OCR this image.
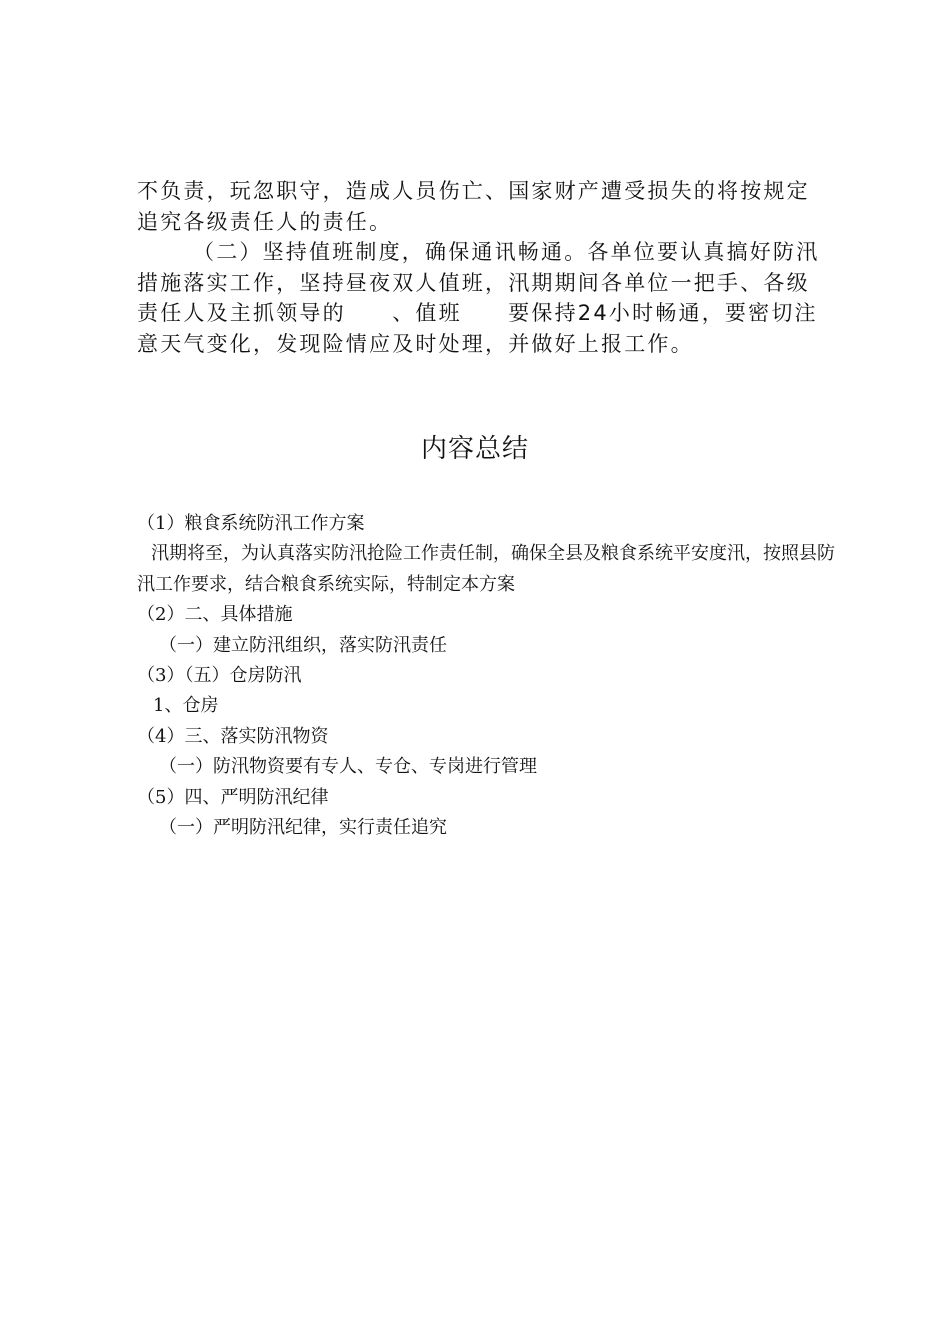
不负责，玩忽职守，造成人员伤亡、国家财产遭受损失的将按规定追究各级责任人的责任。

（二）坚持值班制度，确保通讯畅通。各单位要认真搞好防汛措施落实工作，坚持昼夜双人值班，汛期期间各单位一把手、各级责任人及主抓领导的　　、值班　　要保持24小时畅通，要密切注意天气变化，发现险情应及时处理，并做好上报工作。

内容总结
（1）粮食系统防汛工作方案
汛期将至，为认真落实防汛抢险工作责任制，确保全县及粮食系统平安度汛，按照县防汛工作要求，结合粮食系统实际，特制定本方案
（2）二、具体措施
（一）建立防汛组织，落实防汛责任
（3）（五）仓房防汛
1、仓房
（4）三、落实防汛物资
（一）防汛物资要有专人、专仓、专岗进行管理
（5）四、严明防汛纪律
（一）严明防汛纪律，实行责任追究
